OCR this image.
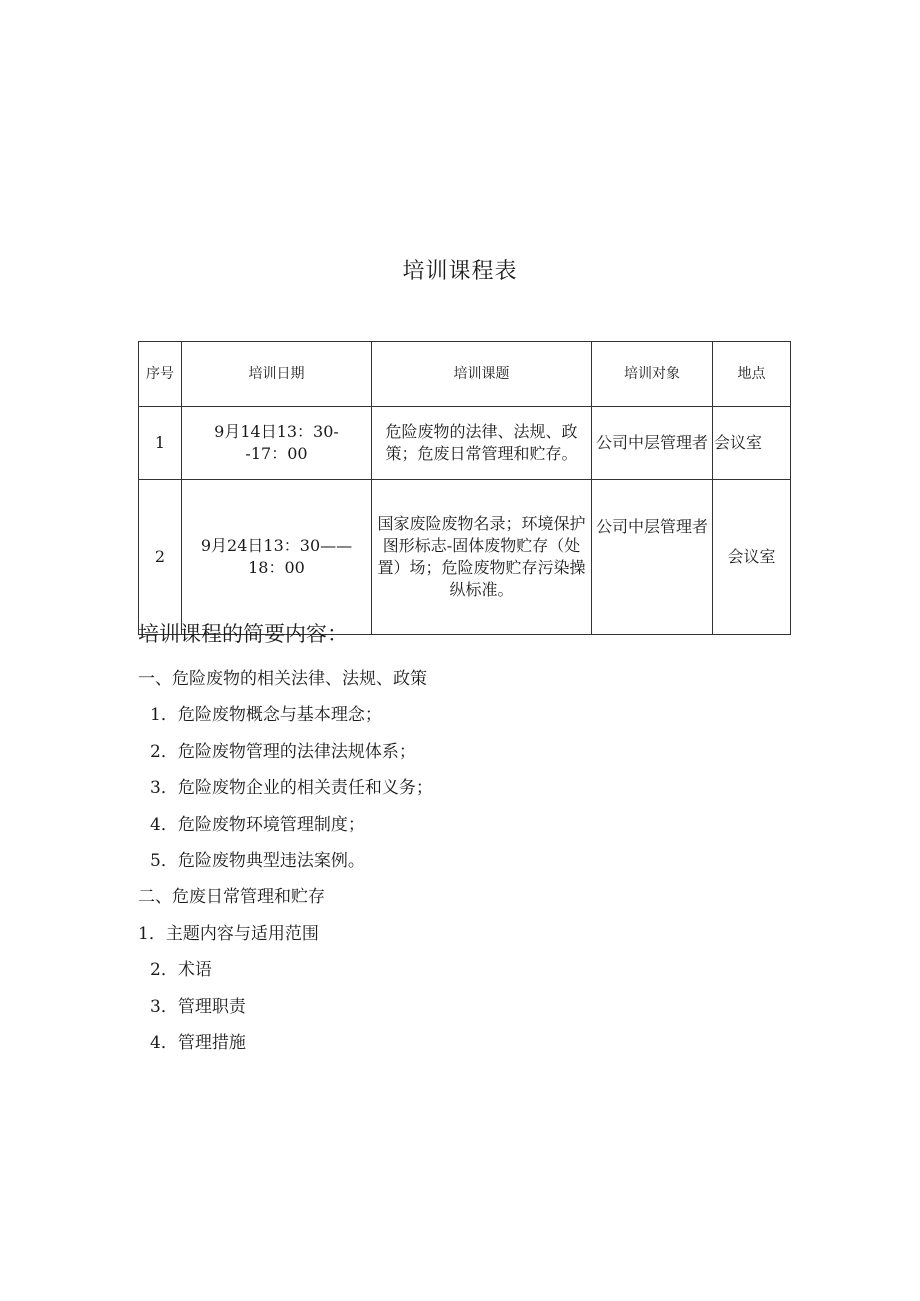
培训课程表
序号	培训日期	培训课题	培训对象	地点
1	9月14日13：30--17：00	危险废物的法律、法规、政策；危废日常管理和贮存。	公司中层管理者	会议室
2	9月24日13：30——18：00	国家废险废物名录；环境保护图形标志-固体废物贮存（处置）场；危险废物贮存污染操纵标准。	公司中层管理者	会议室
培训课程的简要内容：
一、危险废物的相关法律、法规、政策
1．危险废物概念与基本理念；
2．危险废物管理的法律法规体系；
3．危险废物企业的相关责任和义务；
4．危险废物环境管理制度；
5．危险废物典型违法案例。
二、危废日常管理和贮存
1．主题内容与适用范围
2．术语
3．管理职责
4．管理措施
